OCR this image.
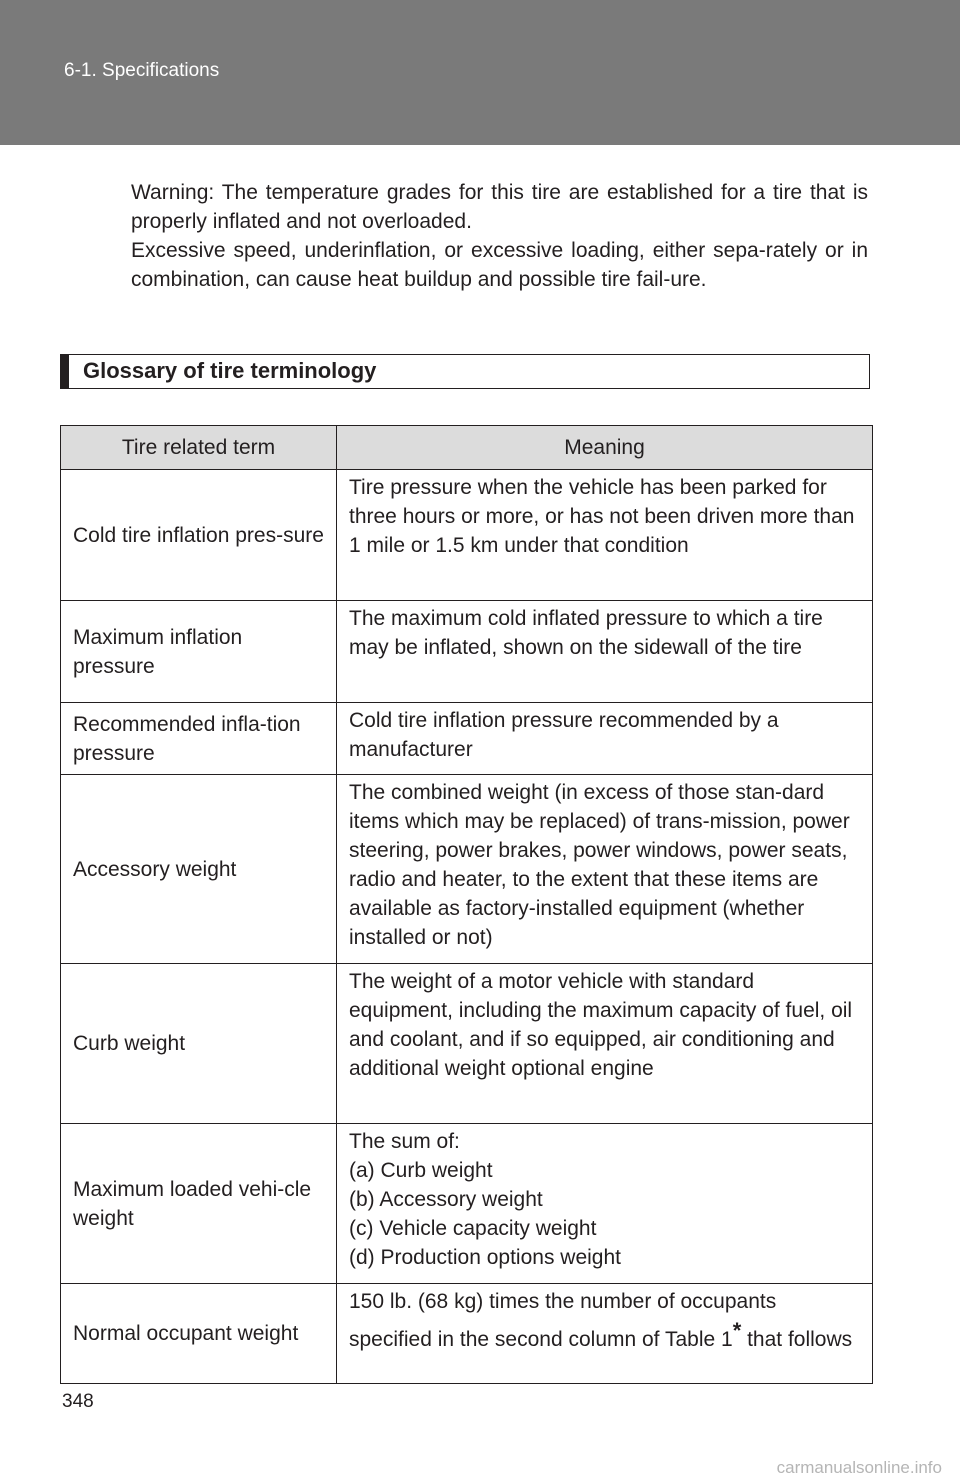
6-1. Specifications

Warning: The temperature grades for this tire are established for a tire that is properly inflated and not overloaded.

Excessive speed, underinflation, or excessive loading, either sepa-rately or in combination, can cause heat buildup and possible tire fail-ure.

Glossary of tire terminology
Tire related term	Meaning
Cold tire inflation pres-sure	Tire pressure when the vehicle has been parked for three hours or more, or has not been driven more than 1 mile or 1.5 km under that condition
Maximum inflation pressure	The maximum cold inflated pressure to which a tire may be inflated, shown on the sidewall of the tire
Recommended infla-tion pressure	Cold tire inflation pressure recommended by a manufacturer
Accessory weight	The combined weight (in excess of those stan-dard items which may be replaced) of trans-mission, power steering, power brakes, power windows, power seats, radio and heater, to the extent that these items are available as factory-installed equipment (whether installed or not)
Curb weight	The weight of a motor vehicle with standard equipment, including the maximum capacity of fuel, oil and coolant, and if so equipped, air conditioning and additional weight optional engine
Maximum loaded vehi-cle weight	The sum of:
(a) Curb weight
(b) Accessory weight
(c) Vehicle capacity weight
(d) Production options weight

Normal occupant weight	150 lb. (68 kg) times the number of occupants specified in the second column of Table 1* that follows
348
carmanualsonline.info
